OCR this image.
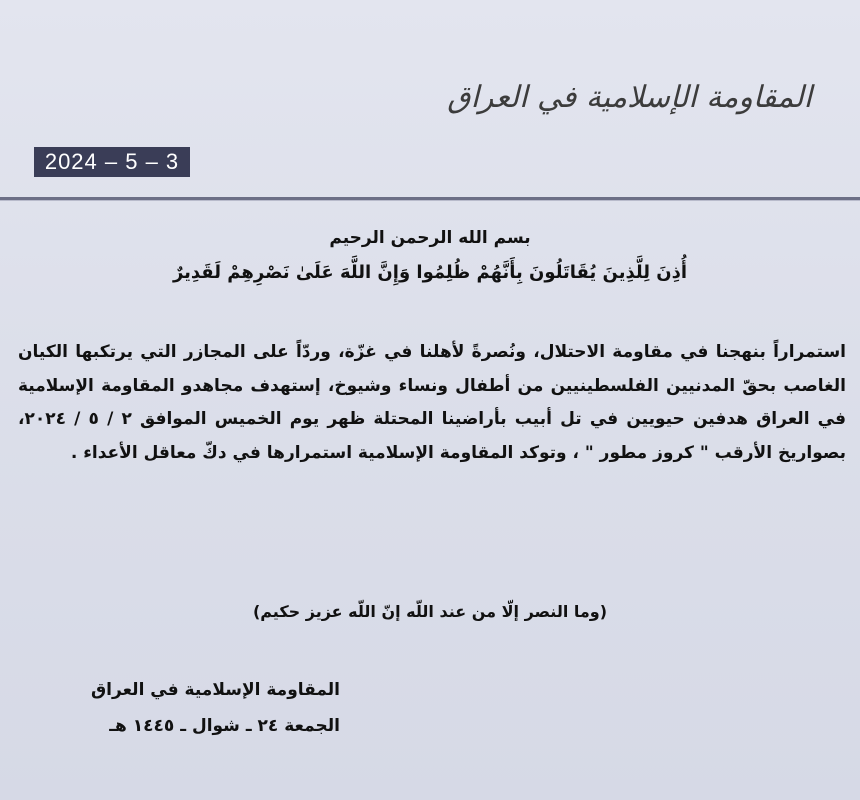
المقاومة الإسلامية في العراق
2024 – 5 – 3
بسم الله الرحمن الرحيم
أُذِنَ لِلَّذِينَ يُقَاتَلُونَ بِأَنَّهُمْ ظُلِمُوا وَإِنَّ اللَّهَ عَلَىٰ نَصْرِهِمْ لَقَدِيرٌ
استمراراً بنهجنا في مقاومة الاحتلال، ونُصرةً لأهلنا في غزّة، وردّاً على المجازر التي يرتكبها الكيان الغاصب بحقّ المدنيين الفلسطينيين من أطفال ونساء وشيوخ، إستهدف مجاهدو المقاومة الإسلامية في العراق هدفين حيويين في تل أبيب بأراضينا المحتلة ظهر يوم الخميس الموافق ٢ / ٥ / ٢٠٢٤، بصواريخ الأرقب " كروز مطور " ، وتوكد المقاومة الإسلامية استمرارها في دكّ معاقل الأعداء .
(وما النصر إلّا من عند اللّه إنّ اللّه عزيز حكيم)
المقاومة الإسلامية في العراق
الجمعة ٢٤ ـ شوال ـ ١٤٤٥ هـ
